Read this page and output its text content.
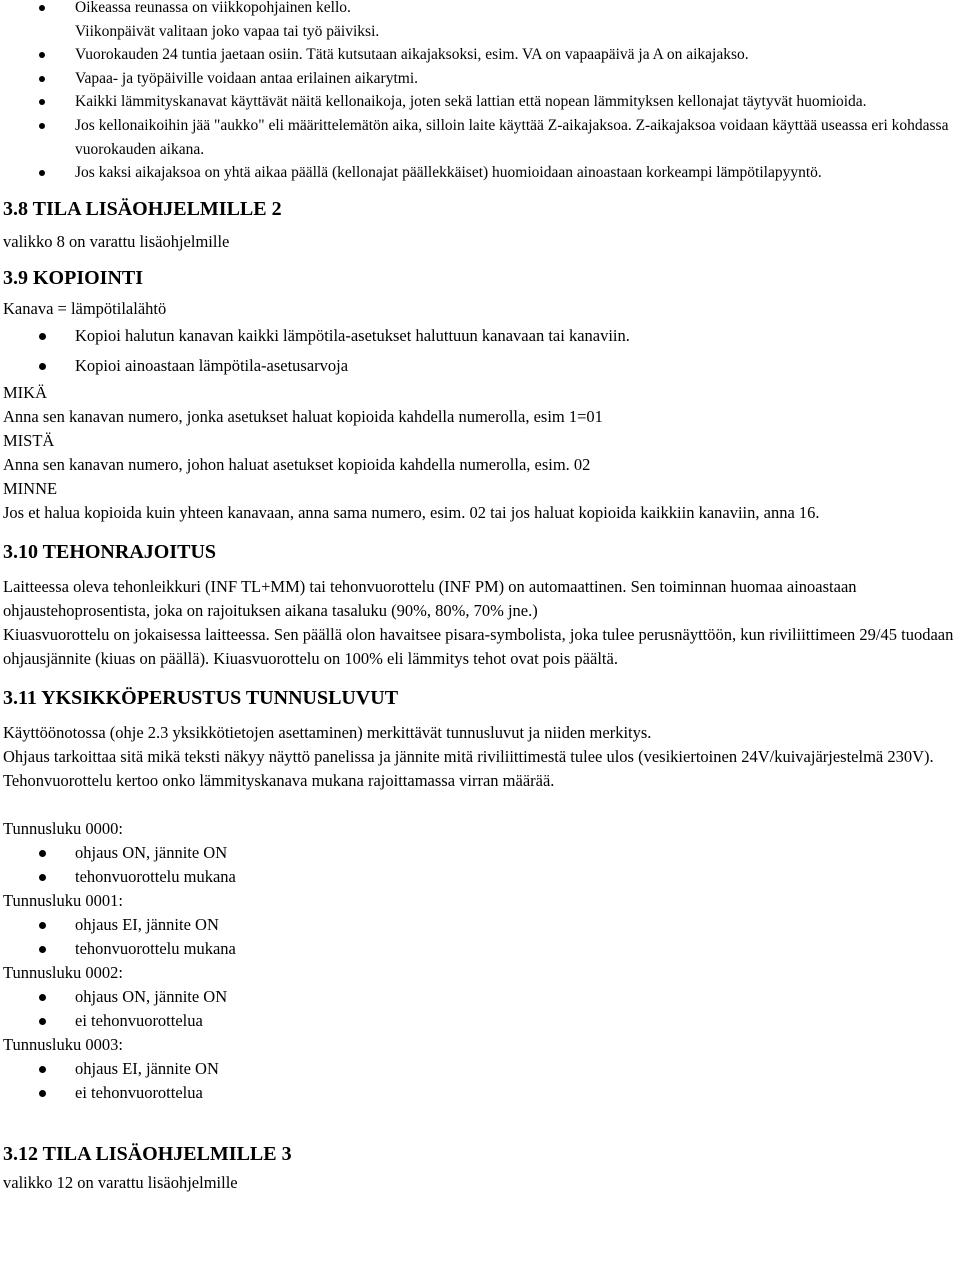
Oikeassa reunassa on viikkopohjainen kello.
Viikonpäivät valitaan joko vapaa tai työ päiviksi.
Vuorokauden 24 tuntia jaetaan osiin. Tätä kutsutaan aikajaksoksi, esim. VA on vapaapäivä ja A on aikajakso.
Vapaa- ja työpäiville voidaan antaa erilainen aikarytmi.
Kaikki lämmityskanavat käyttävät näitä kellonaikoja, joten sekä lattian että nopean lämmityksen kellonajat täytyvät huomioida.
Jos kellonaikoihin jää "aukko" eli määrittelemätön aika, silloin laite käyttää Z-aikajaksoa. Z-aikajaksoa voidaan käyttää useassa eri kohdassa vuorokauden aikana.
Jos kaksi aikajaksoa on yhtä aikaa päällä (kellonajat päällekkäiset) huomioidaan ainoastaan korkeampi lämpötilapyyntö.
3.8 TILA LISÄOHJELMILLE 2

valikko 8 on varattu lisäohjelmille

3.9 KOPIOINTI

Kanava = lämpötilalähtö

Kopioi halutun kanavan kaikki lämpötila-asetukset haluttuun kanavaan tai kanaviin.
Kopioi ainoastaan lämpötila-asetusarvoja

MIKÄ

Anna sen kanavan numero, jonka asetukset haluat kopioida kahdella numerolla, esim 1=01

MISTÄ

Anna sen kanavan numero, johon haluat asetukset kopioida kahdella numerolla, esim. 02

MINNE

Jos et halua kopioida kuin yhteen kanavaan, anna sama numero, esim. 02 tai jos haluat kopioida kaikkiin kanaviin, anna 16.

3.10 TEHONRAJOITUS

Laitteessa oleva tehonleikkuri (INF TL+MM) tai tehonvuorottelu (INF PM) on automaattinen. Sen toiminnan huomaa ainoastaan ohjaustehoprosentista, joka on rajoituksen aikana tasaluku (90%, 80%, 70% jne.)

Kiuasvuorottelu on jokaisessa laitteessa. Sen päällä olon havaitsee pisara-symbolista, joka tulee perusnäyttöön, kun riviliittimeen 29/45 tuodaan ohjausjännite (kiuas on päällä). Kiuasvuorottelu on 100% eli lämmitys tehot ovat pois päältä.

3.11 YKSIKKÖPERUSTUS TUNNUSLUVUT

Käyttöönotossa (ohje 2.3 yksikkötietojen asettaminen) merkittävät tunnusluvut ja niiden merkitys.

Ohjaus tarkoittaa sitä mikä teksti näkyy näyttö panelissa ja jännite mitä riviliittimestä tulee ulos (vesikiertoinen 24V/kuivajärjestelmä 230V). Tehonvuorottelu kertoo onko lämmityskanava mukana rajoittamassa virran määrää.

Tunnusluku 0000:

ohjaus ON, jännite ON
tehonvuorottelu mukana

Tunnusluku 0001:

ohjaus EI, jännite ON
tehonvuorottelu mukana

Tunnusluku 0002:

ohjaus ON, jännite ON
ei tehonvuorottelua

Tunnusluku 0003:

ohjaus EI, jännite ON
ei tehonvuorottelua
3.12 TILA LISÄOHJELMILLE 3

valikko 12 on varattu lisäohjelmille
